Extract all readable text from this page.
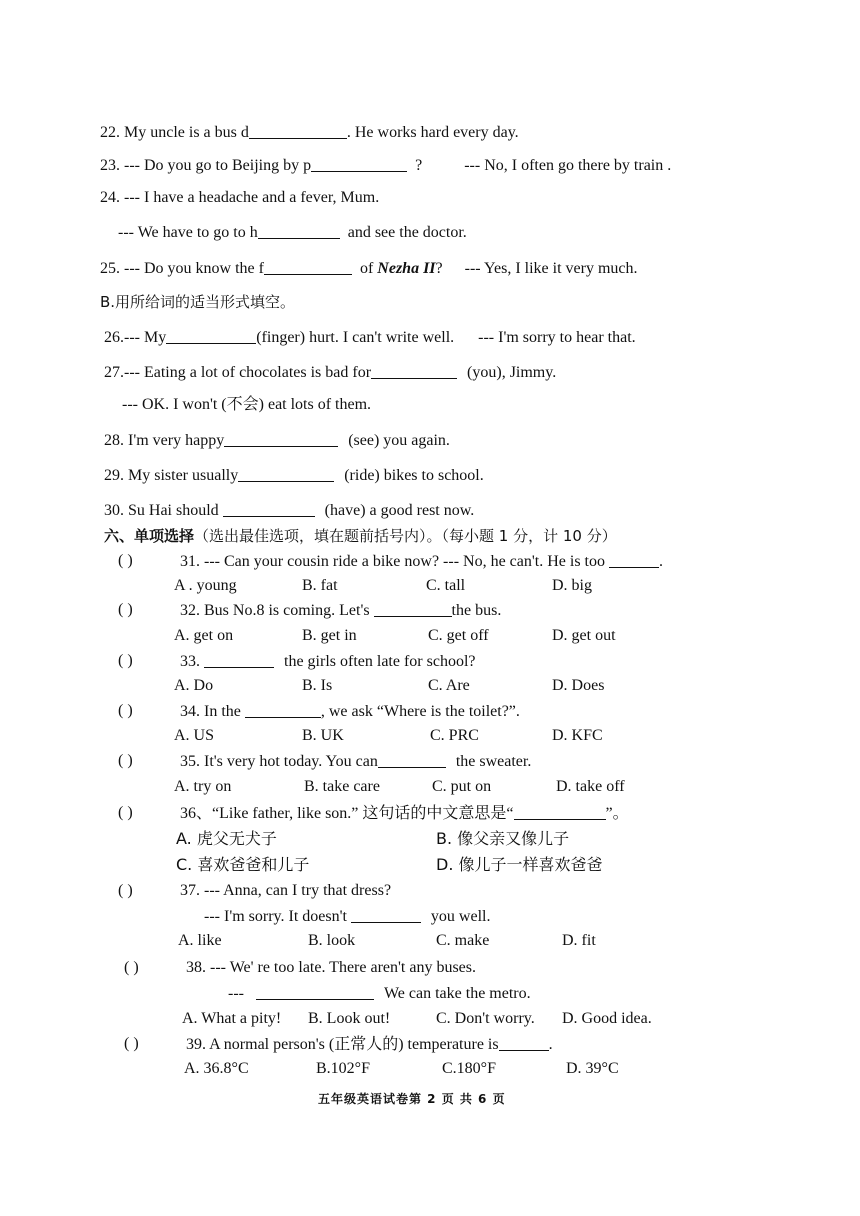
22. My uncle is a bus d	. He works hard every day.
23. --- Do you go to Beijing by p	?	--- No, I often go there by train .
24. --- I have a headache and a fever, Mum.
--- We have to go to h	and see the doctor.
25. --- Do you know the f	of Nezha II? --- Yes, I like it very much.
B.用所给词的适当形式填空。
26.--- My	(finger) hurt. I can't write well. --- I'm sorry to hear that.
27.--- Eating a lot of chocolates is bad for	(you), Jimmy.
--- OK. I won't (不会) eat lots of them.
28. I'm very happy	(see) you again.
29. My sister usually	(ride) bikes to school.
30. Su Hai should	(have) a good rest now.
六、单项选择（选出最佳选项，填在题前括号内）。（每小题 1 分，计 10 分）
( )	31. --- Can your cousin ride a bike now? --- No, he can't. He is too	.
A . young	B. fat	C. tall	D. big
( )	32. Bus No.8 is coming. Let's	the bus.
A. get on	B. get in	C. get off	D. get out
( )	33.	the girls often late for school?
A. Do	B. Is	C. Are	D. Does
( )	34. In the	, we ask “Where is the toilet?”.
A. US	B. UK	C. PRC	D. KFC
( )	35. It's very hot today. You can	the sweater.
A. try on	B. take care	C. put on	D. take off
( )	36、“Like father, like son.” 这句话的中文意思是“	”。
A. 虎父无犬子	B. 像父亲又像儿子
C. 喜欢爸爸和儿子	D. 像儿子一样喜欢爸爸
( )	37. --- Anna, can I try that dress?
--- I'm sorry. It doesn't	you well.
A. like	B. look	C. make	D. fit
( )	38. --- We' re too late. There aren't any buses.
---	We can take the metro.
A. What a pity! B. Look out!	C. Don't worry. D. Good idea.
( )	39. A normal person's (正常人的) temperature is	.
A. 36.8°C	B.102°F	C.180°F	D. 39°C
五年级英语试卷第 2 页 共 6 页
